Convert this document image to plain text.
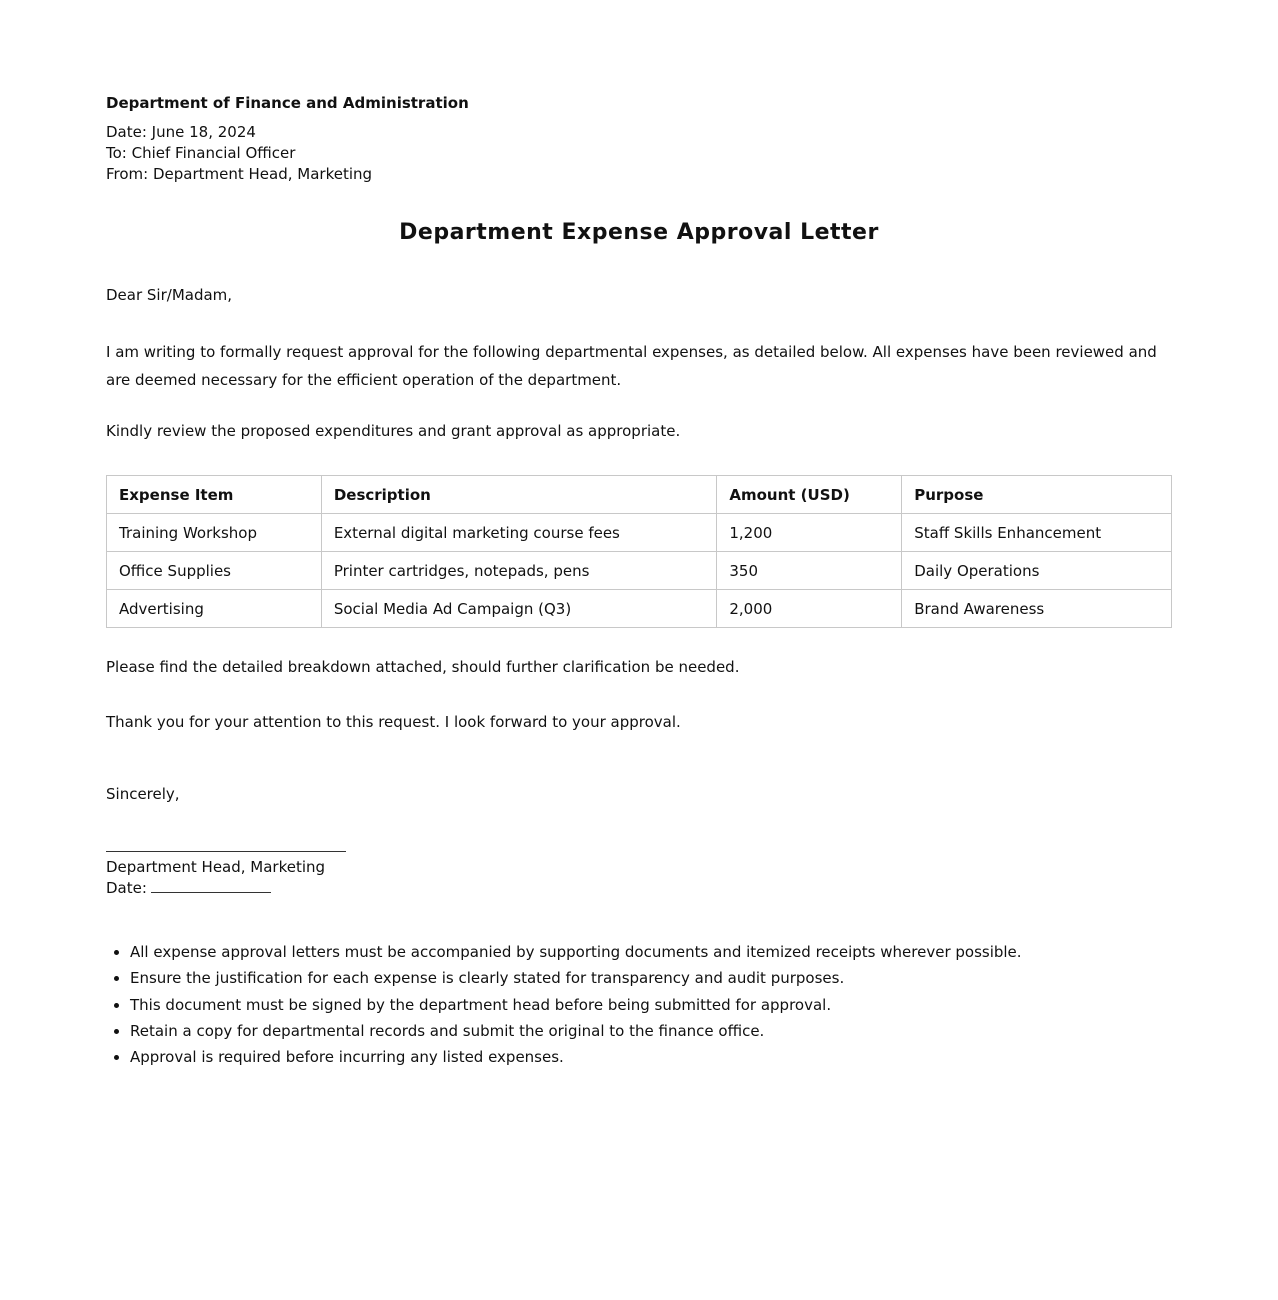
Department of Finance and Administration
Date: June 18, 2024
To: Chief Financial Officer
From: Department Head, Marketing
Department Expense Approval Letter
Dear Sir/Madam,
I am writing to formally request approval for the following departmental expenses, as detailed below. All expenses have been reviewed and are deemed necessary for the efficient operation of the department.
Kindly review the proposed expenditures and grant approval as appropriate.
Expense Item	Description	Amount (USD)	Purpose
Training Workshop	External digital marketing course fees	1,200	Staff Skills Enhancement
Office Supplies	Printer cartridges, notepads, pens	350	Daily Operations
Advertising	Social Media Ad Campaign (Q3)	2,000	Brand Awareness
Please find the detailed breakdown attached, should further clarification be needed.
Thank you for your attention to this request. I look forward to your approval.
Sincerely,
Department Head, Marketing
Date:
• All expense approval letters must be accompanied by supporting documents and itemized receipts wherever possible.
• Ensure the justification for each expense is clearly stated for transparency and audit purposes.
• This document must be signed by the department head before being submitted for approval.
• Retain a copy for departmental records and submit the original to the finance office.
• Approval is required before incurring any listed expenses.
